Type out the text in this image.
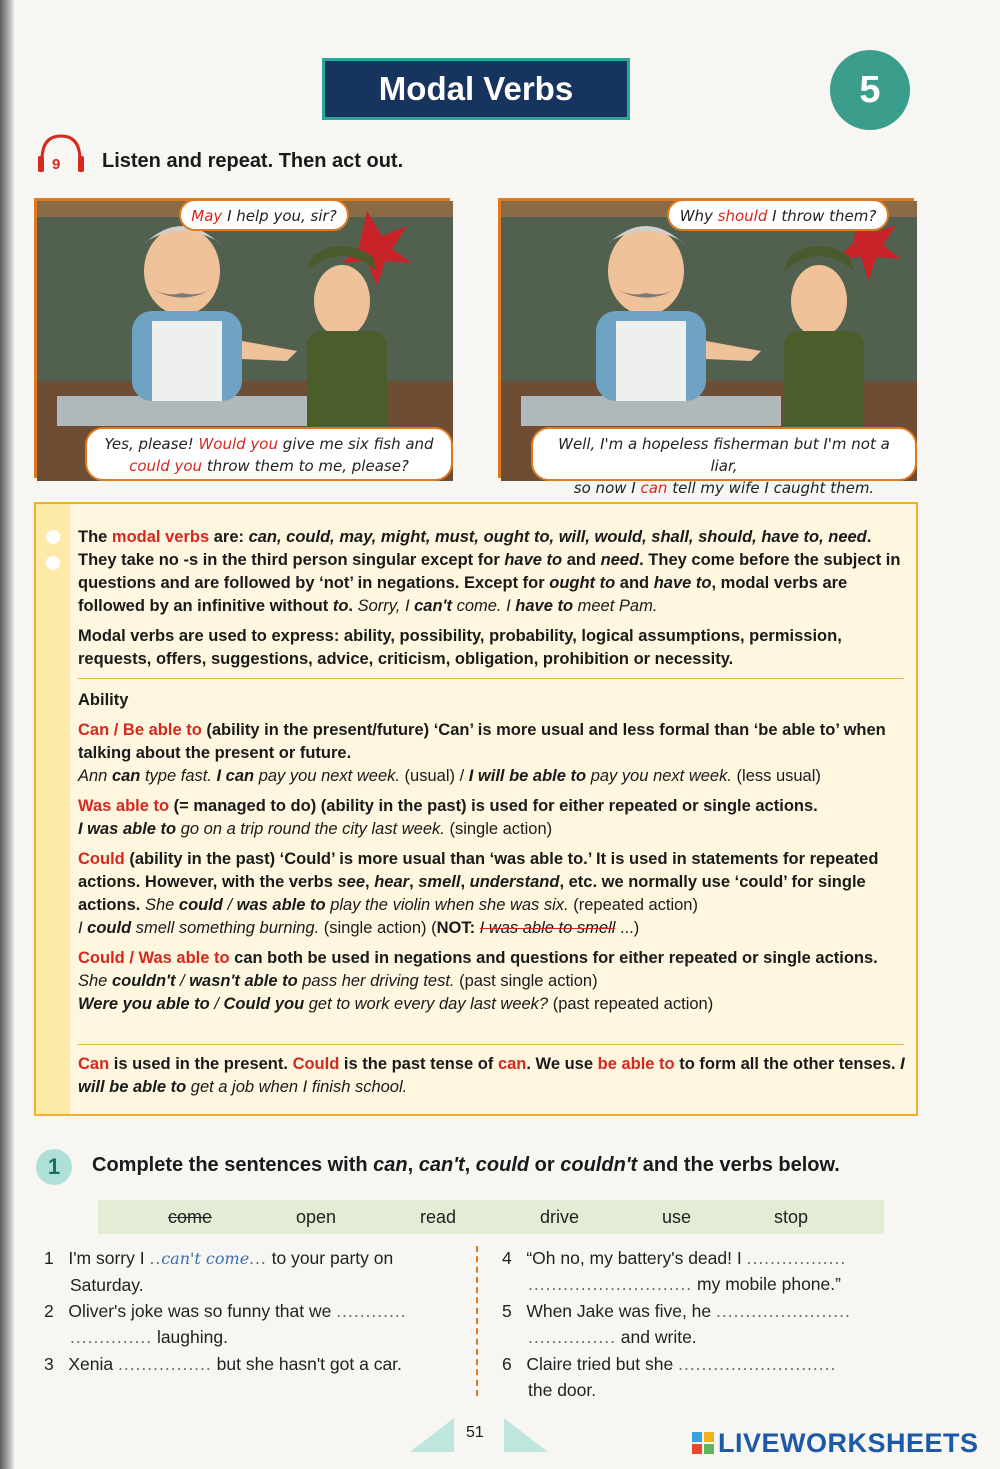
Modal Verbs	5
9 Listen and repeat. Then act out.
May I help you, sir?
Yes, please! Would you give me six fish and
could you throw them to me, please?
Why should I throw them?
Well, I'm a hopeless fisherman but I'm not a liar,
so now I can tell my wife I caught them.
The modal verbs are: can, could, may, might, must, ought to, will, would, shall, should, have to, need. They take no -s in the third person singular except for have to and need. They come before the subject in questions and are followed by ‘not’ in negations. Except for ought to and have to, modal verbs are followed by an infinitive without to. Sorry, I can't come. I have to meet Pam.
Modal verbs are used to express: ability, possibility, probability, logical assumptions, permission, requests, offers, suggestions, advice, criticism, obligation, prohibition or necessity.
Ability
Can / Be able to (ability in the present/future) ‘Can’ is more usual and less formal than ‘be able to’ when talking about the present or future.
Ann can type fast. I can pay you next week. (usual) / I will be able to pay you next week. (less usual)
Was able to (= managed to do) (ability in the past) is used for either repeated or single actions.
I was able to go on a trip round the city last week. (single action)
Could (ability in the past) ‘Could’ is more usual than ‘was able to.’ It is used in statements for repeated actions. However, with the verbs see, hear, smell, understand, etc. we normally use ‘could’ for single actions. She could / was able to play the violin when she was six. (repeated action)
I could smell something burning. (single action) (NOT: I was able to smell ...)
Could / Was able to can both be used in negations and questions for either repeated or single actions.
She couldn't / wasn't able to pass her driving test. (past single action)
Were you able to / Could you get to work every day last week? (past repeated action)
Can is used in the present. Could is the past tense of can. We use be able to to form all the other tenses. I will be able to get a job when I finish school.
1	Complete the sentences with can, can't, could or couldn't and the verbs below.
come	open	read	drive	use	stop
1 I'm sorry I ..can't come... to your party on
Saturday.
2 Oliver's joke was so funny that we ............
.............. laughing.
3 Xenia ................ but she hasn't got a car.
4 “Oh no, my battery's dead! I .................
............................ my mobile phone.”
5 When Jake was five, he .......................
............... and write.
6 Claire tried but she ...........................
the door.
51	LIVEWORKSHEETS
